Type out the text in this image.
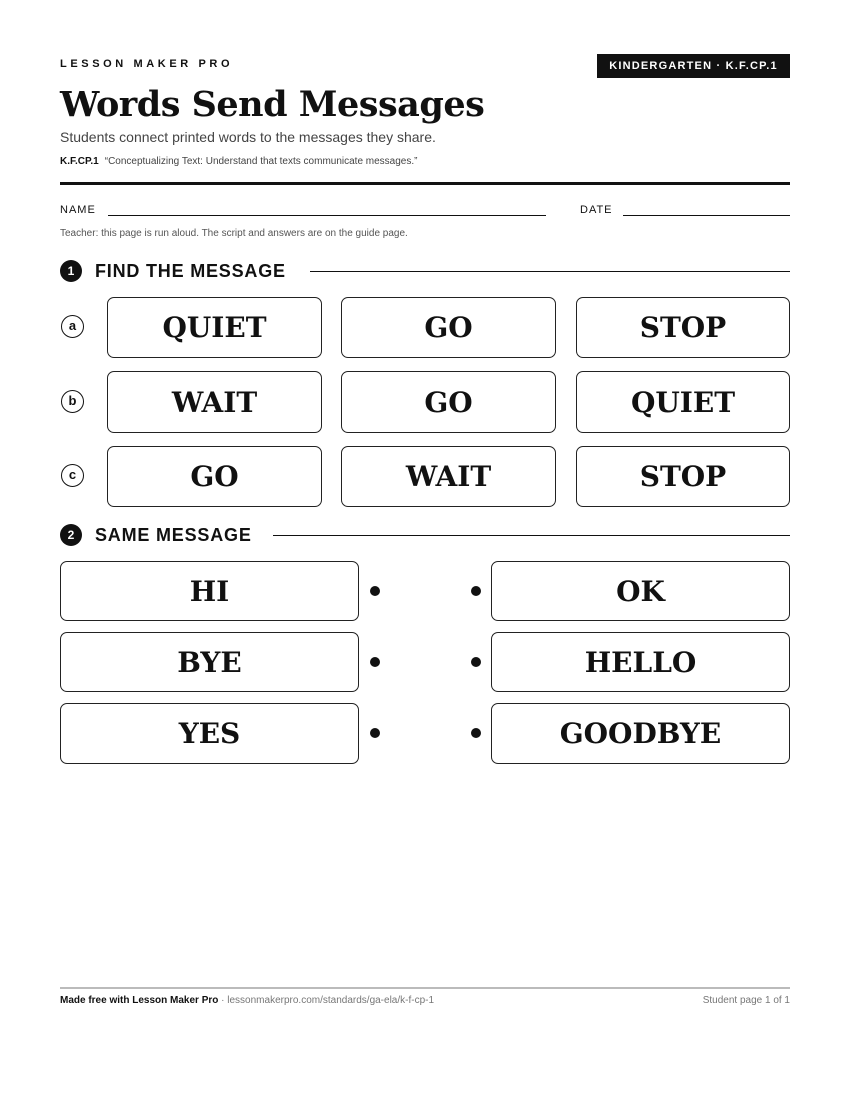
LESSON MAKER PRO	KINDERGARTEN · K.F.CP.1
Words Send Messages
Students connect printed words to the messages they share.
K.F.CP.1 “Conceptualizing Text: Understand that texts communicate messages.”
NAME	DATE
Teacher: this page is run aloud. The script and answers are on the guide page.
1	FIND THE MESSAGE
a	QUIET	GO	STOP
b	WAIT	GO	QUIET
c	GO	WAIT	STOP
2	SAME MESSAGE
HI	OK
BYE	HELLO
YES	GOODBYE
Made free with Lesson Maker Pro · lessonmakerpro.com/standards/ga-ela/k-f-cp-1	Student page 1 of 1
